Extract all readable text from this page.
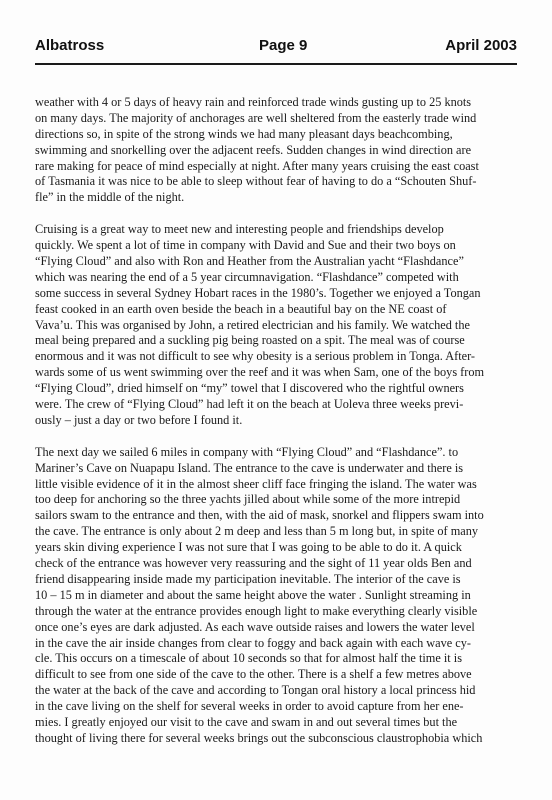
Albatross	Page 9	April 2003
weather with 4 or 5 days of heavy rain and reinforced trade winds gusting up to 25 knots
on many days. The majority of anchorages are well sheltered from the easterly trade wind
directions so, in spite of the strong winds we had many pleasant days beachcombing,
swimming and snorkelling over the adjacent reefs. Sudden changes in wind direction are
rare making for peace of mind especially at night. After many years cruising the east coast
of Tasmania it was nice to be able to sleep without fear of having to do a “Schouten Shuf-
fle” in the middle of the night.
Cruising is a great way to meet new and interesting people and friendships develop
quickly. We spent a lot of time in company with David and Sue and their two boys on
“Flying Cloud” and also with Ron and Heather from the Australian yacht “Flashdance”
which was nearing the end of a 5 year circumnavigation. “Flashdance” competed with
some success in several Sydney Hobart races in the 1980’s. Together we enjoyed a Tongan
feast cooked in an earth oven beside the beach in a beautiful bay on the NE coast of
Vava’u. This was organised by John, a retired electrician and his family. We watched the
meal being prepared and a suckling pig being roasted on a spit. The meal was of course
enormous and it was not difficult to see why obesity is a serious problem in Tonga. After-
wards some of us went swimming over the reef and it was when Sam, one of the boys from
“Flying Cloud”, dried himself on “my” towel that I discovered who the rightful owners
were. The crew of “Flying Cloud” had left it on the beach at Uoleva three weeks previ-
ously – just a day or two before I found it.
The next day we sailed 6 miles in company with “Flying Cloud” and “Flashdance”. to
Mariner’s Cave on Nuapapu Island. The entrance to the cave is underwater and there is
little visible evidence of it in the almost sheer cliff face fringing the island. The water was
too deep for anchoring so the three yachts jilled about while some of the more intrepid
sailors swam to the entrance and then, with the aid of mask, snorkel and flippers swam into
the cave. The entrance is only about 2 m deep and less than 5 m long but, in spite of many
years skin diving experience I was not sure that I was going to be able to do it. A quick
check of the entrance was however very reassuring and the sight of 11 year olds Ben and
friend disappearing inside made my participation inevitable. The interior of the cave is
10 – 15 m in diameter and about the same height above the water . Sunlight streaming in
through the water at the entrance provides enough light to make everything clearly visible
once one’s eyes are dark adjusted. As each wave outside raises and lowers the water level
in the cave the air inside changes from clear to foggy and back again with each wave cy-
cle. This occurs on a timescale of about 10 seconds so that for almost half the time it is
difficult to see from one side of the cave to the other. There is a shelf a few metres above
the water at the back of the cave and according to Tongan oral history a local princess hid
in the cave living on the shelf for several weeks in order to avoid capture from her ene-
mies. I greatly enjoyed our visit to the cave and swam in and out several times but the
thought of living there for several weeks brings out the subconscious claustrophobia which
